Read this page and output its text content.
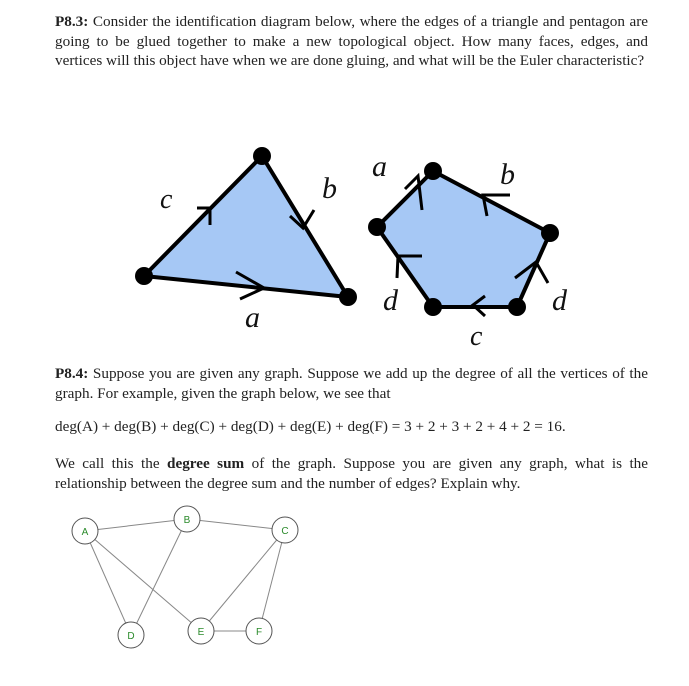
P8.3: Consider the identification diagram below, where the edges of a triangle and pentagon are going to be glued together to make a new topological object. How many faces, edges, and vertices will this object have when we are done gluing, and what will be the Euler characteristic?
c	b
a
a	b
d
c
d
P8.4: Suppose you are given any graph. Suppose we add up the degree of all the vertices of the graph. For example, given the graph below, we see that
deg(A) + deg(B) + deg(C) + deg(D) + deg(E) + deg(F) = 3 + 2 + 3 + 2 + 4 + 2 = 16.
We call this the degree sum of the graph. Suppose you are given any graph, what is the relationship between the degree sum and the number of edges? Explain why.
A
B
C
D	E	F
